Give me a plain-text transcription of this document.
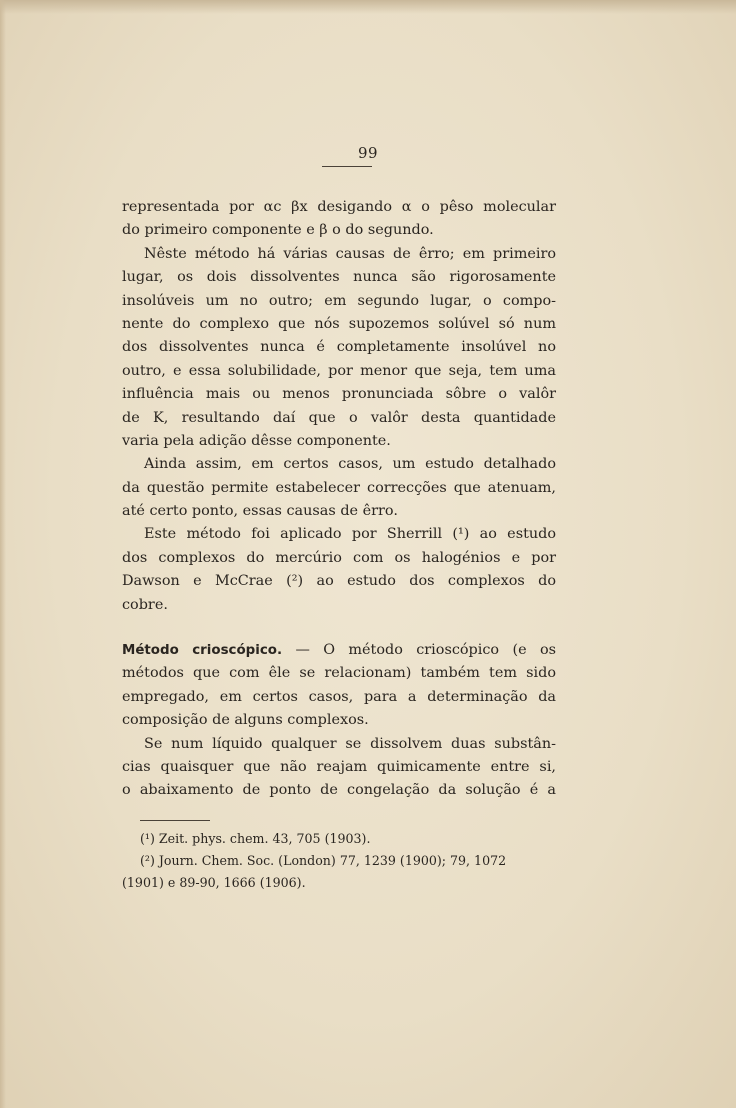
99
representada por αc βx desigando α o pêso molecular
do primeiro componente e β o do segundo.
Nêste método há várias causas de êrro; em primeiro
lugar, os dois dissolventes nunca são rigorosamente
insolúveis um no outro; em segundo lugar, o compo-
nente do complexo que nós supozemos solúvel só num
dos dissolventes nunca é completamente insolúvel no
outro, e essa solubilidade, por menor que seja, tem uma
influência mais ou menos pronunciada sôbre o valôr
de K, resultando daí que o valôr desta quantidade
varia pela adição dêsse componente.
Ainda assim, em certos casos, um estudo detalhado
da questão permite estabelecer correcções que atenuam,
até certo ponto, essas causas de êrro.
Este método foi aplicado por Sherrill (¹) ao estudo
dos complexos do mercúrio com os halogénios e por
Dawson e McCrae (²) ao estudo dos complexos do
cobre.
Método crioscópico. — O método crioscópico (e os
métodos que com êle se relacionam) também tem sido
empregado, em certos casos, para a determinação da
composição de alguns complexos.
Se num líquido qualquer se dissolvem duas substân-
cias quaisquer que não reajam quimicamente entre si,
o abaixamento de ponto de congelação da solução é a
(¹) Zeit. phys. chem. 43, 705 (1903).
(²) Journ. Chem. Soc. (London) 77, 1239 (1900); 79, 1072
(1901) e 89-90, 1666 (1906).
